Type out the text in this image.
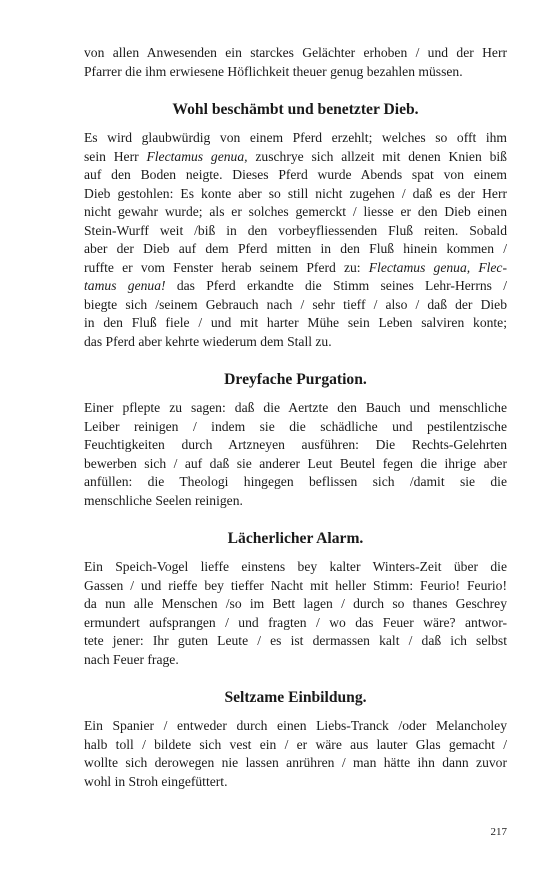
von allen Anwesenden ein starckes Gelächter erhoben / und der Herr
Pfarrer die ihm erwiesene Höflichkeit theuer genug bezahlen müssen.
Wohl beschämbt und benetzter Dieb.
Es wird glaubwürdig von einem Pferd erzehlt; welches so offt ihm
sein Herr Flectamus genua, zuschrye sich allzeit mit denen Knien biß
auf den Boden neigte. Dieses Pferd wurde Abends spat von einem
Dieb gestohlen: Es konte aber so still nicht zugehen / daß es der Herr
nicht gewahr wurde; als er solches gemerckt / liesse er den Dieb einen
Stein-Wurff weit /biß in den vorbeyfliessenden Fluß reiten. Sobald
aber der Dieb auf dem Pferd mitten in den Fluß hinein kommen /
ruffte er vom Fenster herab seinem Pferd zu: Flectamus genua, Flec-
tamus genua! das Pferd erkandte die Stimm seines Lehr-Herrns /
biegte sich /seinem Gebrauch nach / sehr tieff / also / daß der Dieb
in den Fluß fiele / und mit harter Mühe sein Leben salviren konte;
das Pferd aber kehrte wiederum dem Stall zu.
Dreyfache Purgation.
Einer pflepte zu sagen: daß die Aertzte den Bauch und menschliche
Leiber reinigen / indem sie die schädliche und pestilentzische
Feuchtigkeiten durch Artzneyen ausführen: Die Rechts-Gelehrten
bewerben sich / auf daß sie anderer Leut Beutel fegen die ihrige aber
anfüllen: die Theologi hingegen beflissen sich /damit sie die
menschliche Seelen reinigen.
Lächerlicher Alarm.
Ein Speich-Vogel lieffe einstens bey kalter Winters-Zeit über die
Gassen / und rieffe bey tieffer Nacht mit heller Stimm: Feurio! Feurio!
da nun alle Menschen /so im Bett lagen / durch so thanes Geschrey
ermundert aufsprangen / und fragten / wo das Feuer wäre? antwor-
tete jener: Ihr guten Leute / es ist dermassen kalt / daß ich selbst
nach Feuer frage.
Seltzame Einbildung.
Ein Spanier / entweder durch einen Liebs-Tranck /oder Melancholey
halb toll / bildete sich vest ein / er wäre aus lauter Glas gemacht /
wollte sich derowegen nie lassen anrühren / man hätte ihn dann zuvor
wohl in Stroh eingefüttert.
217
